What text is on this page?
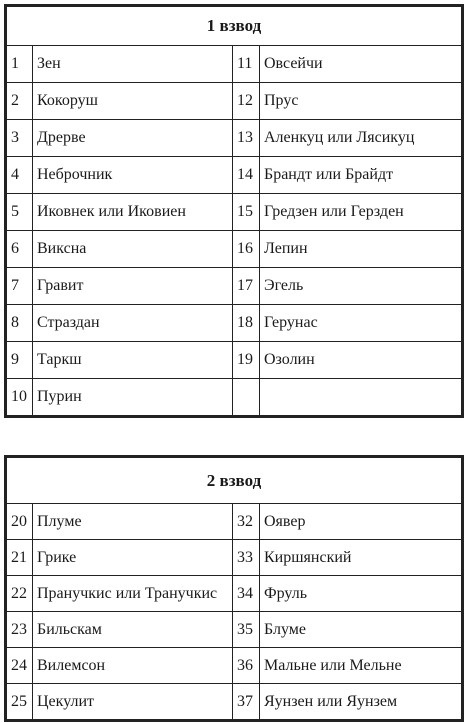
1 взвод			
1	Зен	11	Овсейчи
2	Кокоруш	12	Прус
3	Дрерве	13	Аленкуц или Лясикуц
4	Неброчник	14	Брандт или Брайдт
5	Иковнек или Иковиен	15	Гредзен или Герзден
6	Викснa	16	Лепин
7	Гравит	17	Эгель
8	Страздан	18	Герунас
9	Таркш	19	Озолин
10	Пурин		
2 взвод			
20	Плуме	32	Оявер
21	Грике	33	Киршянский
22	Пранучкис или Транучкис	34	Фруль
23	Бильскам	35	Блуме
24	Вилемсон	36	Мальне или Мельне
25	Цекулит	37	Яунзен или Яунзем
